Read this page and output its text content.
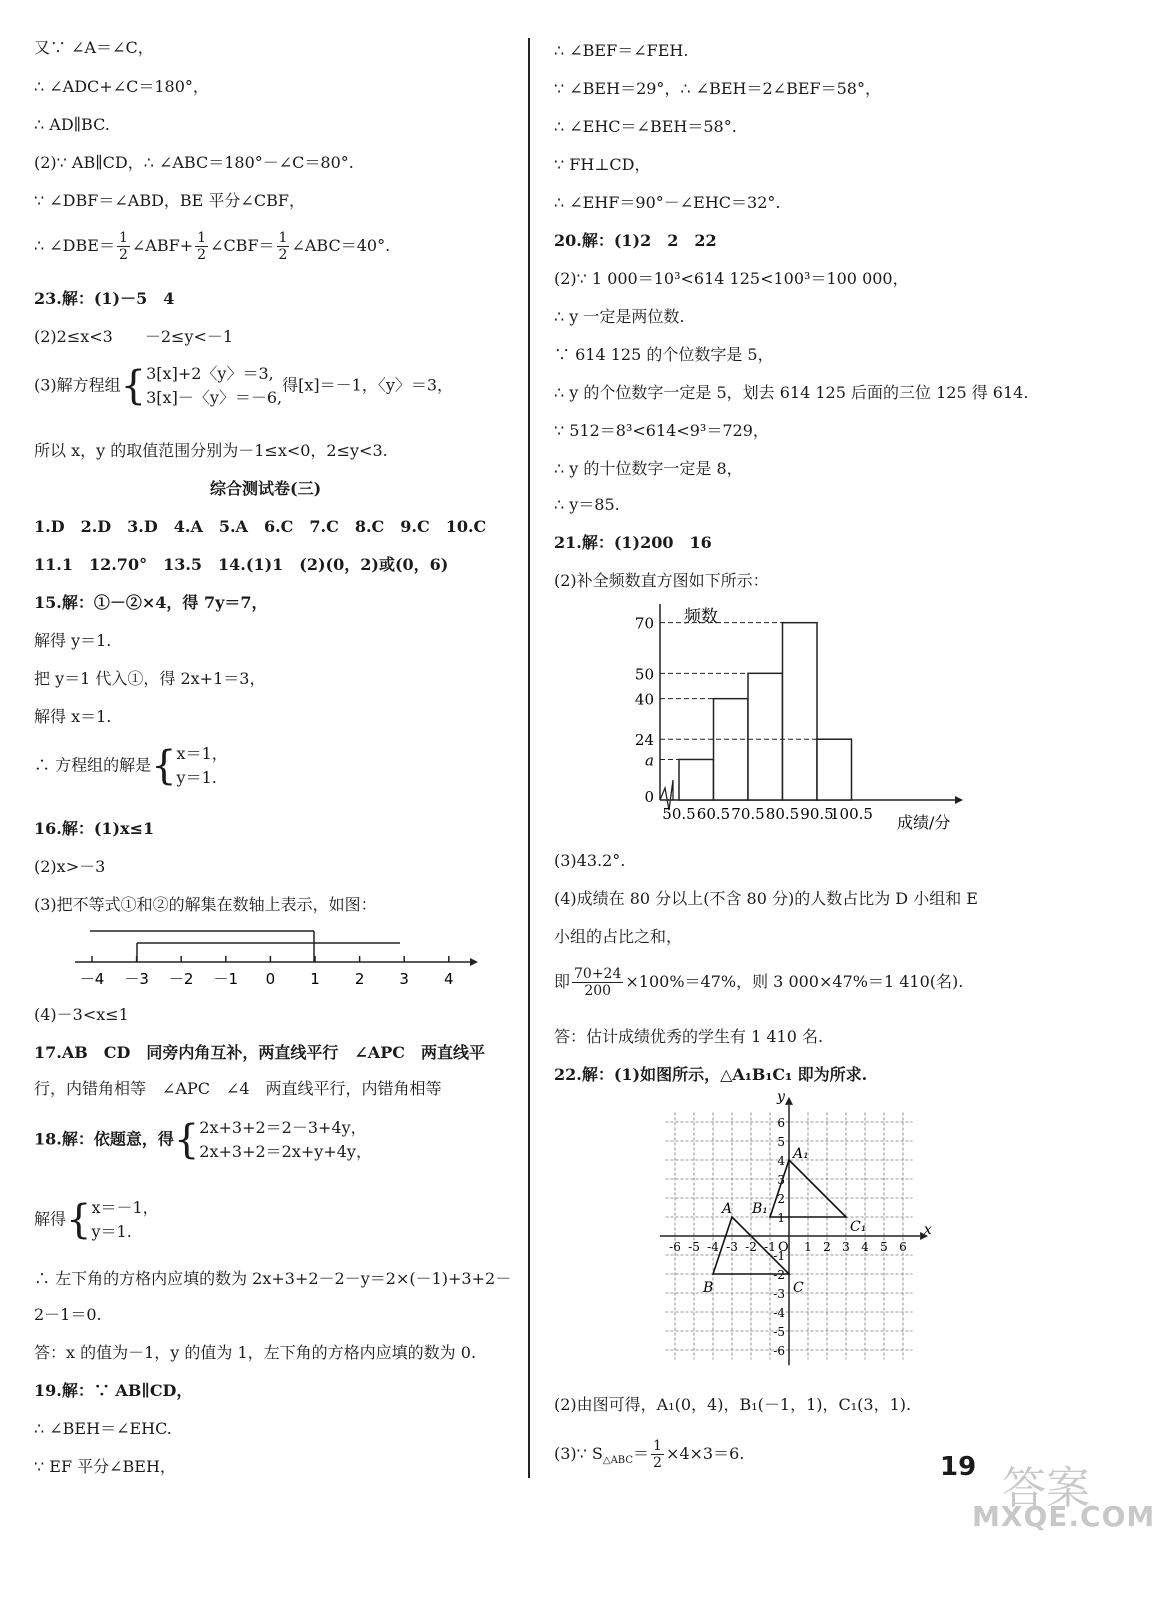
又∵ ∠A＝∠C，
∴ ∠ADC+∠C＝180°，
∴ AD∥BC.
(2)∵ AB∥CD，∴ ∠ABC＝180°－∠C＝80°.
∵ ∠DBF＝∠ABD，BE 平分∠CBF，
∴ ∠DBE＝ $\frac{1}{2}$ ∠ABF+ $\frac{1}{2}$ ∠CBF＝ $\frac{1}{2}$ ∠ABC＝40°.
23.解：(1)－5　4
(2)2≤x<3　　－2≤y<－1
(3)解方程组{ 3[x]+2〈y〉＝3,
3[x]－〈y〉＝－6,
得[x]＝－1，〈y〉＝3，
所以 x，y 的取值范围分别为－1≤x<0，2≤y<3.
综合测试卷(三)
1.D　2.D　3.D　4.A　5.A　6.C　7.C　8.C　9.C　10.C
11.1　12.70°　13.5　14.(1)1　(2)(0，2)或(0，6)
15.解：①－②×4，得 7y＝7，
解得 y＝1.
把 y＝1 代入①，得 2x+1＝3，
解得 x＝1.
∴ 方程组的解是{ x＝1，
y＝1.
16.解：(1)x≤1
(2)x>－3
(3)把不等式①和②的解集在数轴上表示，如图：
－4 －3 －2 －1 0 1 2 3 4
(4)－3<x≤1
17.AB　CD　同旁内角互补，两直线平行　∠APC　两直线平
行，内错角相等　∠APC　∠4　两直线平行，内错角相等
18.解：依题意，得{ 2x+3+2＝2－3+4y，
2x+3+2＝2x+y+4y，
解得{ x＝－1，
y＝1.
∴ 左下角的方格内应填的数为 2x+3+2－2－y＝2×(－1)+3+2－
2－1＝0.
答：x 的值为－1，y 的值为 1，左下角的方格内应填的数为 0.
19.解：∵ AB∥CD，
∴ ∠BEH＝∠EHC.
∵ EF 平分∠BEH，
∴ ∠BEF＝∠FEH.
∵ ∠BEH＝29°，∴ ∠BEH＝2∠BEF＝58°，
∴ ∠EHC＝∠BEH＝58°.
∵ FH⊥CD，
∴ ∠EHF＝90°－∠EHC＝32°.
20.解：(1)2　2　22
(2)∵ 1 000＝10³<614 125<100³＝100 000，
∴ y 一定是两位数.
∵ 614 125 的个位数字是 5，
∴ y 的个位数字一定是 5，划去 614 125 后面的三位 125 得 614.
∵ 512＝8³<614<9³＝729，
∴ y 的十位数字一定是 8，
∴ y＝85.
21.解：(1)200　16
(2)补全频数直方图如下所示：
频数
成绩/分
0
a
24
40
50
70
50.5 60.5 70.5 80.5 90.5
100.5
(3)43.2°.
(4)成绩在 80 分以上(不含 80 分)的人数占比为 D 小组和 E
小组的占比之和，
即 $\frac{70+24}{200} \times 100\%=47\%$，则 3 000×47%＝1 410(名).
答：估计成绩优秀的学生有 1 410 名.
22.解：(1)如图所示，△A₁B₁C₁ 即为所求.
x
y
O
-6 -5 -4 -3 -2 -1 1 2 3 4 5 6
6
5
4
3
2
1
-1
-2
-3
-4
-5
-6
A
B	C
A₁
B₁
C₁
(2)由图可得，A₁(0，4)，B₁(－1，1)，C₁(3，1).
(3)∵ $S_{\triangle ABC}= \frac{1}{2} \times 4\times 3=6$.	19 答案
MXQE.COM
